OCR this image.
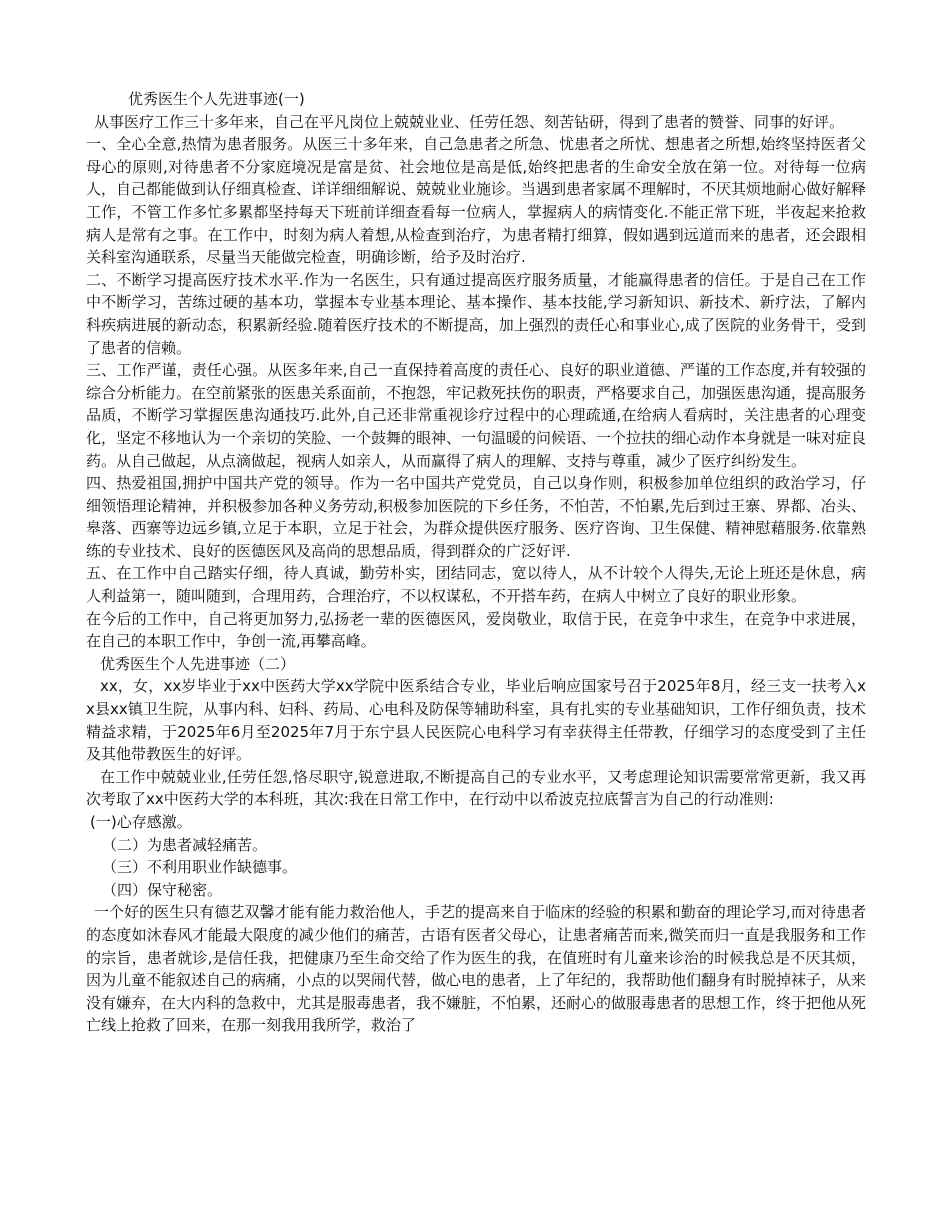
优秀医生个人先进事迹(一)

从事医疗工作三十多年来，自己在平凡岗位上兢兢业业、任劳任怨、刻苦钻研，得到了患者的赞誉、同事的好评。

一、全心全意,热情为患者服务。从医三十多年来，自己急患者之所急、忧患者之所忧、想患者之所想,始终坚持医者父母心的原则,对待患者不分家庭境况是富是贫、社会地位是高是低,始终把患者的生命安全放在第一位。对待每一位病人，自己都能做到认仔细真检查、详详细细解说、兢兢业业施诊。当遇到患者家属不理解时，不厌其烦地耐心做好解释工作，不管工作多忙多累都坚持每天下班前详细查看每一位病人，掌握病人的病情变化.不能正常下班，半夜起来抢救病人是常有之事。在工作中，时刻为病人着想,从检查到治疗，为患者精打细算，假如遇到远道而来的患者，还会跟相关科室沟通联系，尽量当天能做完检查，明确诊断，给予及时治疗.

二、不断学习提高医疗技术水平.作为一名医生，只有通过提高医疗服务质量，才能赢得患者的信任。于是自己在工作中不断学习，苦练过硬的基本功，掌握本专业基本理论、基本操作、基本技能,学习新知识、新技术、新疗法，了解内科疾病进展的新动态，积累新经验.随着医疗技术的不断提高，加上强烈的责任心和事业心,成了医院的业务骨干，受到了患者的信赖。

三、工作严谨，责任心强。从医多年来,自己一直保持着高度的责任心、良好的职业道德、严谨的工作态度,并有较强的综合分析能力。在空前紧张的医患关系面前，不抱怨，牢记救死扶伤的职责，严格要求自己，加强医患沟通，提高服务品质，不断学习掌握医患沟通技巧.此外,自己还非常重视诊疗过程中的心理疏通,在给病人看病时，关注患者的心理变化，坚定不移地认为一个亲切的笑脸、一个鼓舞的眼神、一句温暖的问候语、一个拉扶的细心动作本身就是一味对症良药。从自己做起，从点滴做起，视病人如亲人，从而赢得了病人的理解、支持与尊重，减少了医疗纠纷发生。

四、热爱祖国,拥护中国共产党的领导。作为一名中国共产党党员，自己以身作则，积极参加单位组织的政治学习，仔细领悟理论精神，并积极参加各种义务劳动,积极参加医院的下乡任务，不怕苦，不怕累,先后到过王寨、界都、冶头、皋落、西寨等边远乡镇,立足于本职，立足于社会，为群众提供医疗服务、医疗咨询、卫生保健、精神慰藉服务.依靠熟练的专业技术、良好的医德医风及高尚的思想品质，得到群众的广泛好评.

五、在工作中自己踏实仔细，待人真诚，勤劳朴实，团结同志，宽以待人，从不计较个人得失,无论上班还是休息，病人利益第一，随叫随到，合理用药，合理治疗，不以权谋私，不开搭车药，在病人中树立了良好的职业形象。

在今后的工作中，自己将更加努力,弘扬老一辈的医德医风，爱岗敬业，取信于民，在竞争中求生，在竞争中求进展，在自己的本职工作中，争创一流,再攀高峰。

优秀医生个人先进事迹（二）

xx，女，xx岁毕业于xx中医药大学xx学院中医系结合专业，毕业后响应国家号召于2025年8月，经三支一扶考入xx县xx镇卫生院，从事内科、妇科、药局、心电科及防保等辅助科室，具有扎实的专业基础知识，工作仔细负责，技术精益求精，于2025年6月至2025年7月于东宁县人民医院心电科学习有幸获得主任带教，仔细学习的态度受到了主任及其他带教医生的好评。

在工作中兢兢业业,任劳任怨,恪尽职守,锐意进取,不断提高自己的专业水平，又考虑理论知识需要常常更新，我又再次考取了xx中医药大学的本科班，其次:我在日常工作中，在行动中以希波克拉底誓言为自己的行动准则:

(一)心存感激。

（二）为患者减轻痛苦。

（三）不利用职业作缺德事。

（四）保守秘密。

一个好的医生只有德艺双馨才能有能力救治他人，手艺的提高来自于临床的经验的积累和勤奋的理论学习,而对待患者的态度如沐春风才能最大限度的减少他们的痛苦，古语有医者父母心，让患者痛苦而来,微笑而归一直是我服务和工作的宗旨，患者就诊,是信任我，把健康乃至生命交给了作为医生的我，在值班时有儿童来诊治的时候我总是不厌其烦，因为儿童不能叙述自己的病痛，小点的以哭闹代替，做心电的患者，上了年纪的，我帮助他们翻身有时脱掉袜子，从来没有嫌弃，在大内科的急救中，尤其是服毒患者，我不嫌脏，不怕累，还耐心的做服毒患者的思想工作，终于把他从死亡线上抢救了回来，在那一刻我用我所学，救治了
